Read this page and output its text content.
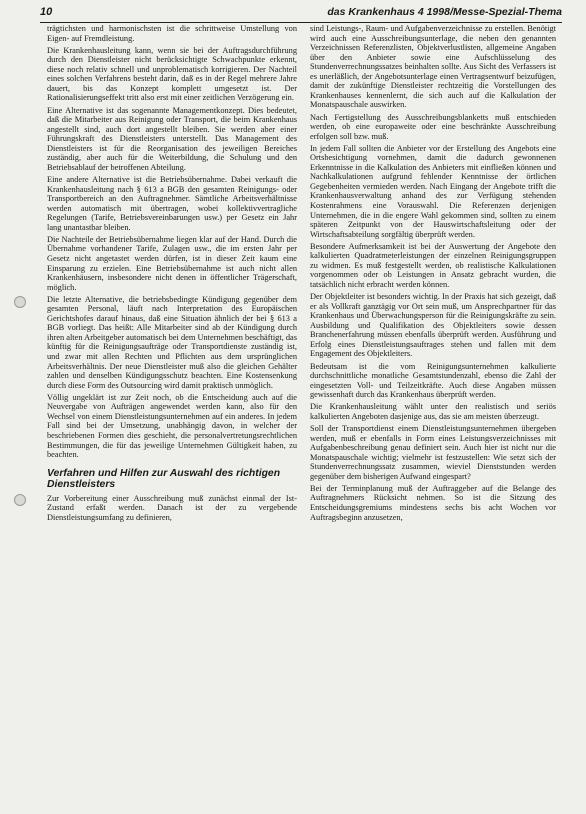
10	das Krankenhaus 4 1998/Messe-Spezial-Thema

trägtichsten und harmonischsten ist die schrittweise Umstellung von Eigen- auf Fremdleistung.

Die Krankenhausleitung kann, wenn sie bei der Auftragsdurchführung durch den Dienstleister nicht berücksichtigte Schwachpunkte erkennt, diese noch relativ schnell und unproblematisch korrigieren. Der Nachteil eines solchen Verfahrens besteht darin, daß es in der Regel mehrere Jahre dauert, bis das Konzept komplett umgesetzt ist. Der Rationalisierungseffekt tritt also erst mit einer zeitlichen Verzögerung ein.

Eine Alternative ist das sogenannte Managementkonzept. Dies bedeutet, daß die Mitarbeiter aus Reinigung oder Transport, die beim Krankenhaus angestellt sind, auch dort angestellt bleiben. Sie werden aber einer Führungskraft des Dienstleisters unterstellt. Das Management des Dienstleisters ist für die Reorganisation des jeweiligen Bereiches zuständig, aber auch für die Weiterbildung, die Schulung und den Betriebsablauf der betroffenen Abteilung.

Eine andere Alternative ist die Betriebsübernahme. Dabei verkauft die Krankenhausleitung nach § 613 a BGB den gesamten Reinigungs- oder Transportbereich an den Auftragnehmer. Sämtliche Arbeitsverhältnisse werden automatisch mit übertragen, wobei kollektivvertragliche Regelungen (Tarife, Betriebsvereinbarungen usw.) per Gesetz ein Jahr lang unantastbar bleiben.

Die Nachteile der Betriebsübernahme liegen klar auf der Hand. Durch die Übernahme vorhandener Tarife, Zulagen usw., die im ersten Jahr per Gesetz nicht angetastet werden dürfen, ist in dieser Zeit kaum eine Einsparung zu erzielen. Eine Betriebsübernahme ist auch nicht allen Krankenhäusern, insbesondere nicht denen in öffentlicher Trägerschaft, möglich.

Die letzte Alternative, die betriebsbedingte Kündigung gegenüber dem gesamten Personal, läuft nach Interpretation des Europäischen Gerichtshofes darauf hinaus, daß eine Situation ähnlich der bei § 613 a BGB vorliegt. Das heißt: Alle Mitarbeiter sind ab der Kündigung durch ihren alten Arbeitgeber automatisch bei dem Unternehmen beschäftigt, das künftig für die Reinigungsaufträge oder Transportdienste zuständig ist, und zwar mit allen Rechten und Pflichten aus dem ursprünglichen Arbeitsverhältnis. Der neue Dienstleister muß also die gleichen Gehälter zahlen und denselben Kündigungsschutz beachten. Eine Kostensenkung durch diese Form des Outsourcing wird damit praktisch unmöglich.

Völlig ungeklärt ist zur Zeit noch, ob die Entscheidung auch auf die Neuvergabe von Aufträgen angewendet werden kann, also für den Wechsel von einem Dienstleistungsunternehmen auf ein anderes. In jedem Fall sind bei der Umsetzung, unabhängig davon, in welcher der beschriebenen Formen dies geschieht, die personalvertretungsrechtlichen Bestimmungen, die für das jeweilige Unternehmen Gültigkeit haben, zu beachten.

Verfahren und Hilfen zur Auswahl des richtigen Dienstleisters

Zur Vorbereitung einer Ausschreibung muß zunächst einmal der Ist-Zustand erfaßt werden. Danach ist der zu vergebende Dienstleistungsumfang zu definieren,

sind Leistungs-, Raum- und Aufgabenverzeichnisse zu erstellen. Benötigt wird auch eine Ausschreibungsunterlage, die neben den genannten Verzeichnissen Referenzlisten, Objektverlustlisten, allgemeine Angaben über den Anbieter sowie eine Aufschlüsselung des Stundenverrechnungssatzes beinhalten sollte. Aus Sicht des Verfassers ist es unerläßlich, der Angebotsunterlage einen Vertragsentwurf beizufügen, damit der zukünftige Dienstleister rechtzeitig die Vorstellungen des Krankenhauses kennenlernt, die sich auch auf die Kalkulation der Monatspauschale auswirken.

Nach Fertigstellung des Ausschreibungsblanketts muß entschieden werden, ob eine europaweite oder eine beschränkte Ausschreibung erfolgen soll bzw. muß.

In jedem Fall sollten die Anbieter vor der Erstellung des Angebots eine Ortsbesichtigung vornehmen, damit die dadurch gewonnenen Erkenntnisse in die Kalkulation des Anbieters mit einfließen können und Nachkalkulationen aufgrund fehlender Kenntnisse der örtlichen Gegebenheiten vermieden werden. Nach Eingang der Angebote trifft die Krankenhausverwaltung anhand des zur Verfügung stehenden Kostenrahmens eine Vorauswahl. Die Referenzen derjenigen Unternehmen, die in die engere Wahl gekommen sind, sollten zu einem späteren Zeitpunkt von der Hauswirtschaftsleitung oder der Wirtschaftsabteilung sorgfältig überprüft werden.

Besondere Aufmerksamkeit ist bei der Auswertung der Angebote den kalkulierten Quadratmeterleistungen der einzelnen Reinigungsgruppen zu widmen. Es muß festgestellt werden, ob realistische Kalkulationen vorgenommen oder ob Leistungen in Ansatz gebracht wurden, die tatsächlich nicht erbracht werden können.

Der Objektleiter ist besonders wichtig. In der Praxis hat sich gezeigt, daß er als Vollkraft ganztägig vor Ort sein muß, um Ansprechpartner für das Krankenhaus und Überwachungsperson für die Reinigungskräfte zu sein. Ausbildung und Qualifikation des Objektleiters sowie dessen Branchenerfahrung müssen ebenfalls überprüft werden. Ausführung und Erfolg eines Dienstleistungsauftrages stehen und fallen mit dem Engagement des Objektleiters.

Bedeutsam ist die vom Reinigungsunternehmen kalkulierte durchschnittliche monatliche Gesamtstundenzahl, ebenso die Zahl der eingesetzten Voll- und Teilzeitkräfte. Auch diese Angaben müssen gewissenhaft durch das Krankenhaus überprüft werden.

Die Krankenhausleitung wählt unter den realistisch und seriös kalkulierten Angeboten dasjenige aus, das sie am meisten überzeugt.

Soll der Transportdienst einem Dienstleistungsunternehmen übergeben werden, muß er ebenfalls in Form eines Leistungsverzeichnisses mit Aufgabenbeschreibung genau definiert sein. Auch hier ist nicht nur die Monatspauschale wichtig; vielmehr ist festzustellen: Wie setzt sich der Stundenverrechnungssatz zusammen, wieviel Dienststunden werden gegenüber dem bisherigen Aufwand eingespart?

Bei der Terminplanung muß der Auftraggeber auf die Belange des Auftragnehmers Rücksicht nehmen. So ist die Sitzung des Entscheidungsgremiums mindestens sechs bis acht Wochen vor Auftragsbeginn anzusetzen,
